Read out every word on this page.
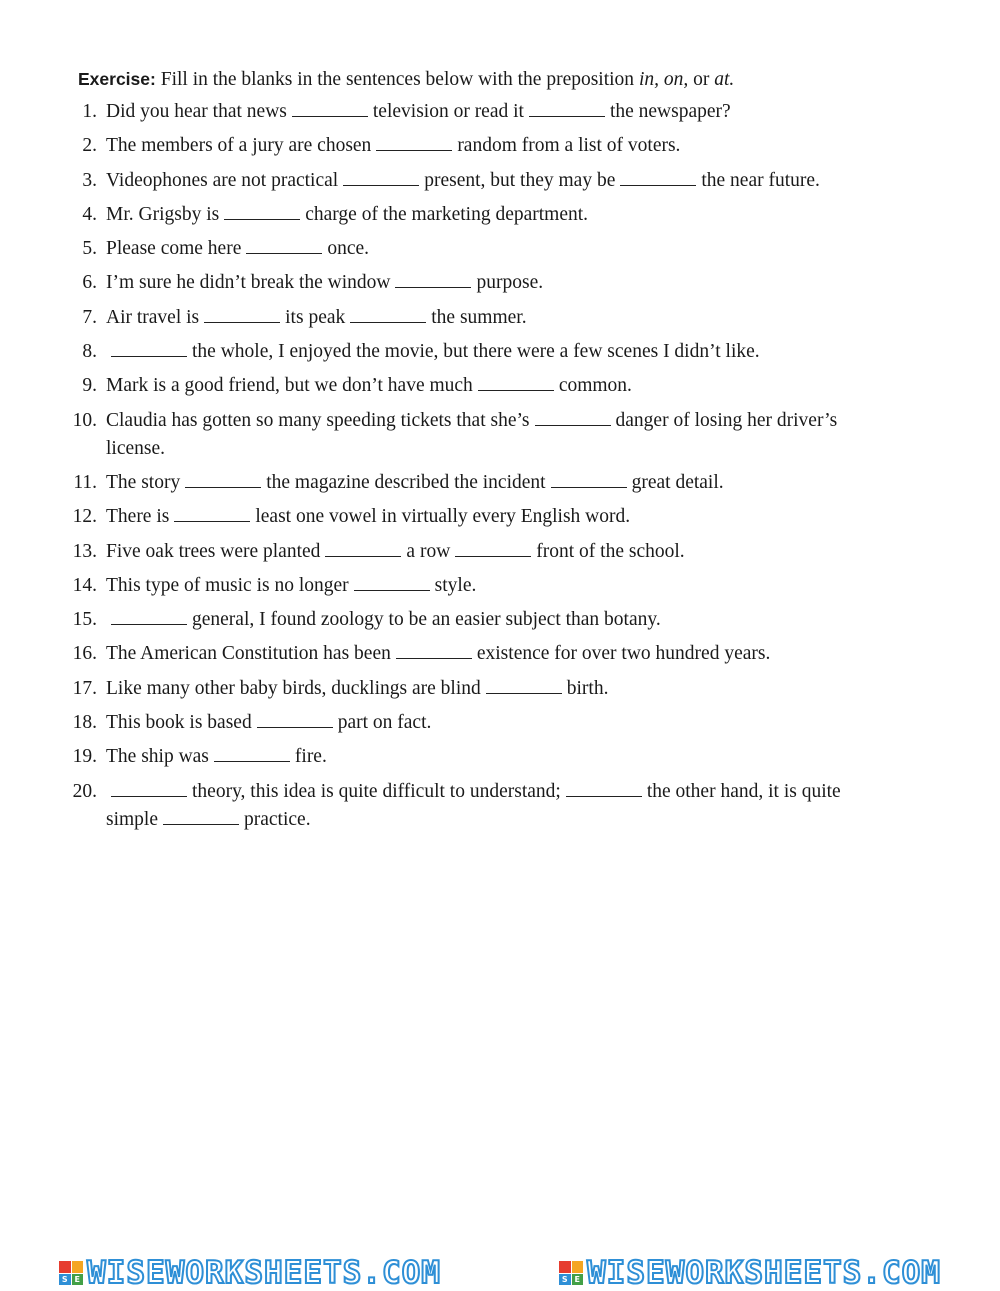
Exercise: Fill in the blanks in the sentences below with the preposition in, on, or at.
1. Did you hear that news	television or read it	the newspaper?
2. The members of a jury are chosen	random from a list of voters.
3. Videophones are not practical	present, but they may be	the near future.
4. Mr. Grigsby is	charge of the marketing department.
5. Please come here	once.
6. I’m sure he didn’t break the window	purpose.
7. Air travel is	its peak	the summer.
8.	the whole, I enjoyed the movie, but there were a few scenes I didn’t like.
9. Mark is a good friend, but we don’t have much	common.
10. Claudia has gotten so many speeding tickets that she’s	danger of losing her driver’s license.
11. The story	the magazine described the incident	great detail.
12. There is	least one vowel in virtually every English word.
13. Five oak trees were planted	a row	front of the school.
14. This type of music is no longer	style.
15.	general, I found zoology to be an easier subject than botany.
16. The American Constitution has been	existence for over two hundred years.
17. Like many other baby birds, ducklings are blind	birth.
18. This book is based	part on fact.
19. The ship was	fire.
20.	theory, this idea is quite difficult to understand;	the other hand, it is quite simple	practice.
S E WISEWORKSHEETS.COM	S E WISEWORKSHEETS.COM
